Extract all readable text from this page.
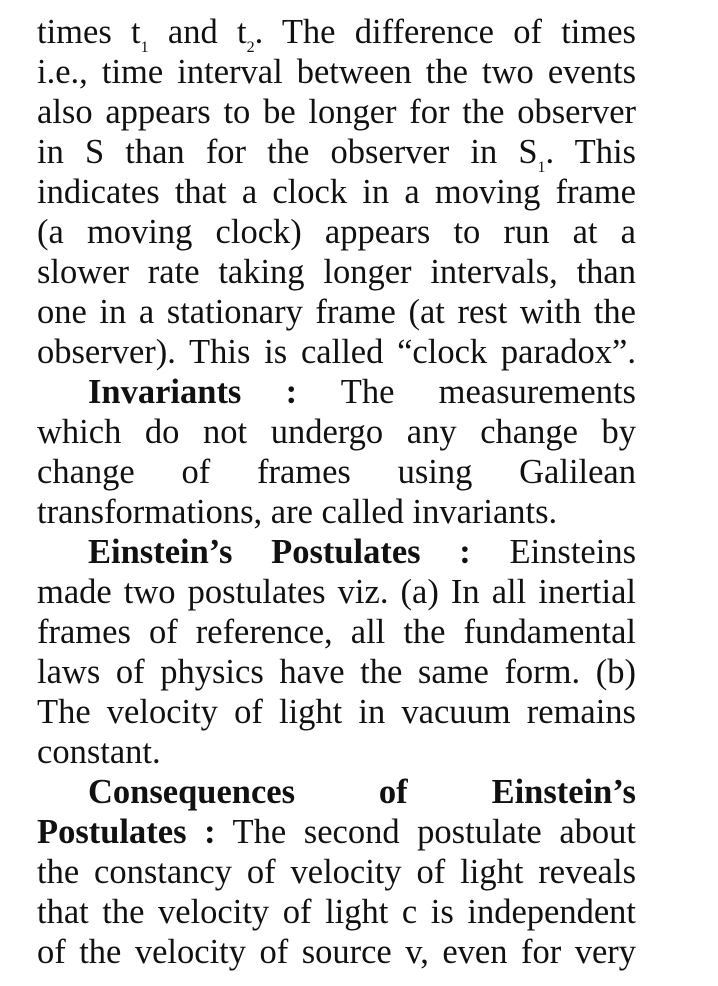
times $t_1$ and $t_2$. The difference of times
i.e., time interval between the two events
also appears to be longer for the observer
in S than for the observer in $S_1$. This
indicates that a clock in a moving frame
(a moving clock) appears to run at a
slower rate taking longer intervals, than
one in a stationary frame (at rest with the
observer). This is called “clock paradox”.
Invariants : The measurements
which do not undergo any change by
change of frames using Galilean
transformations, are called invariants.
Einstein’s Postulates : Einsteins
made two postulates viz. (a) In all inertial
frames of reference, all the fundamental
laws of physics have the same form. (b)
The velocity of light in vacuum remains
constant.
Consequences of Einstein’s
Postulates : The second postulate about
the constancy of velocity of light reveals
that the velocity of light c is independent
of the velocity of source v, even for very
